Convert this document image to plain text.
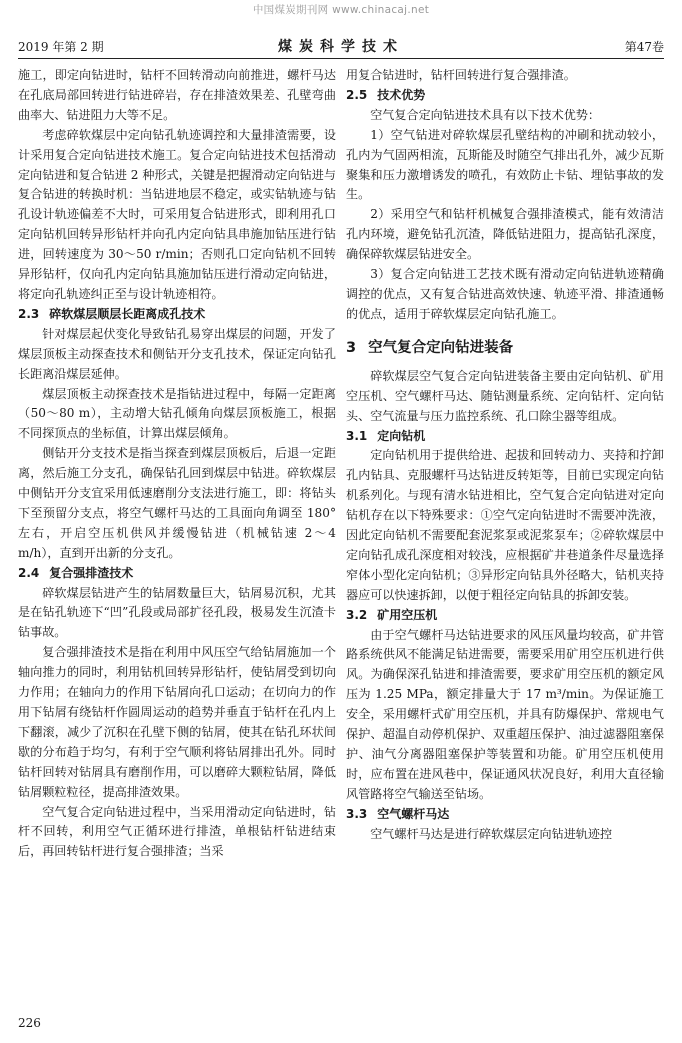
中国煤炭期刊网 www.chinacaj.net
2019 年第 2 期	煤炭科学技术	第47卷

施工，即定向钻进时，钻杆不回转滑动向前推进，螺杆马达在孔底局部回转进行钻进碎岩，存在排渣效果差、孔壁弯曲曲率大、钻进阻力大等不足。

考虑碎软煤层中定向钻孔轨迹调控和大量排渣需要，设计采用复合定向钻进技术施工。复合定向钻进技术包括滑动定向钻进和复合钻进 2 种形式，关键是把握滑动定向钻进与复合钻进的转换时机：当钻进地层不稳定，或实钻轨迹与钻孔设计轨迹偏差不大时，可采用复合钻进形式，即利用孔口定向钻机回转异形钻杆并向孔内定向钻具串施加钻压进行钻进，回转速度为 30～50 r/min；否则孔口定向钻机不回转异形钻杆，仅向孔内定向钻具施加钻压进行滑动定向钻进，将定向孔轨迹纠正至与设计轨迹相符。

2.3 碎软煤层顺层长距离成孔技术

针对煤层起伏变化导致钻孔易穿出煤层的问题，开发了煤层顶板主动探查技术和侧钻开分支孔技术，保证定向钻孔长距离沿煤层延伸。

煤层顶板主动探查技术是指钻进过程中，每隔一定距离（50～80 m），主动增大钻孔倾角向煤层顶板施工，根据不同探顶点的坐标值，计算出煤层倾角。

侧钻开分支技术是指当探查到煤层顶板后，后退一定距离，然后施工分支孔，确保钻孔回到煤层中钻进。碎软煤层中侧钻开分支宜采用低速磨削分支法进行施工，即：将钻头下至预留分支点，将空气螺杆马达的工具面向角调至 180°左右，开启空压机供风并缓慢钻进（机械钻速 2～4 m/h），直到开出新的分支孔。

2.4 复合强排渣技术

碎软煤层钻进产生的钻屑数量巨大，钻屑易沉积，尤其是在钻孔轨迹下“凹”孔段或局部扩径孔段，极易发生沉渣卡钻事故。

复合强排渣技术是指在利用中风压空气给钻屑施加一个轴向推力的同时，利用钻机回转异形钻杆，使钻屑受到切向力作用；在轴向力的作用下钻屑向孔口运动；在切向力的作用下钻屑有绕钻杆作圆周运动的趋势并垂直于钻杆在孔内上下翻滚，减少了沉积在孔壁下侧的钻屑，使其在钻孔环状间歇的分布趋于均匀，有利于空气顺利将钻屑排出孔外。同时钻杆回转对钻屑具有磨削作用，可以磨碎大颗粒钻屑，降低钻屑颗粒粒径，提高排渣效果。

空气复合定向钻进过程中，当采用滑动定向钻进时，钻杆不回转，利用空气正循环进行排渣，单根钻杆钻进结束后，再回转钻杆进行复合强排渣；当采

用复合钻进时，钻杆回转进行复合强排渣。

2.5 技术优势

空气复合定向钻进技术具有以下技术优势：

1）空气钻进对碎软煤层孔壁结构的冲刷和扰动较小，孔内为气固两相流，瓦斯能及时随空气排出孔外，减少瓦斯聚集和压力激增诱发的喷孔，有效防止卡钻、埋钻事故的发生。

2）采用空气和钻杆机械复合强排渣模式，能有效清洁孔内环境，避免钻孔沉渣，降低钻进阻力，提高钻孔深度，确保碎软煤层钻进安全。

3）复合定向钻进工艺技术既有滑动定向钻进轨迹精确调控的优点，又有复合钻进高效快速、轨迹平滑、排渣通畅的优点，适用于碎软煤层定向钻孔施工。

3 空气复合定向钻进装备

碎软煤层空气复合定向钻进装备主要由定向钻机、矿用空压机、空气螺杆马达、随钻测量系统、定向钻杆、定向钻头、空气流量与压力监控系统、孔口除尘器等组成。

3.1 定向钻机

定向钻机用于提供给进、起拔和回转动力、夹持和拧卸孔内钻具、克服螺杆马达钻进反转矩等，目前已实现定向钻机系列化。与现有清水钻进相比，空气复合定向钻进对定向钻机存在以下特殊要求：①空气定向钻进时不需要冲洗液，因此定向钻机不需要配套泥浆泵或泥浆泵车；②碎软煤层中定向钻孔成孔深度相对较浅，应根据矿井巷道条件尽量选择窄体小型化定向钻机；③异形定向钻具外径略大，钻机夹持器应可以快速拆卸，以便于粗径定向钻具的拆卸安装。

3.2 矿用空压机

由于空气螺杆马达钻进要求的风压风量均较高，矿井管路系统供风不能满足钻进需要，需要采用矿用空压机进行供风。为确保深孔钻进和排渣需要，要求矿用空压机的额定风压为 1.25 MPa，额定排量大于 17 m³/min。为保证施工安全，采用螺杆式矿用空压机，并具有防爆保护、常规电气保护、超温自动停机保护、双重超压保护、油过滤器阻塞保护、油气分离器阻塞保护等装置和功能。矿用空压机使用时，应布置在进风巷中，保证通风状况良好，利用大直径输风管路将空气输送至钻场。

3.3 空气螺杆马达

空气螺杆马达是进行碎软煤层定向钻进轨迹控

226
